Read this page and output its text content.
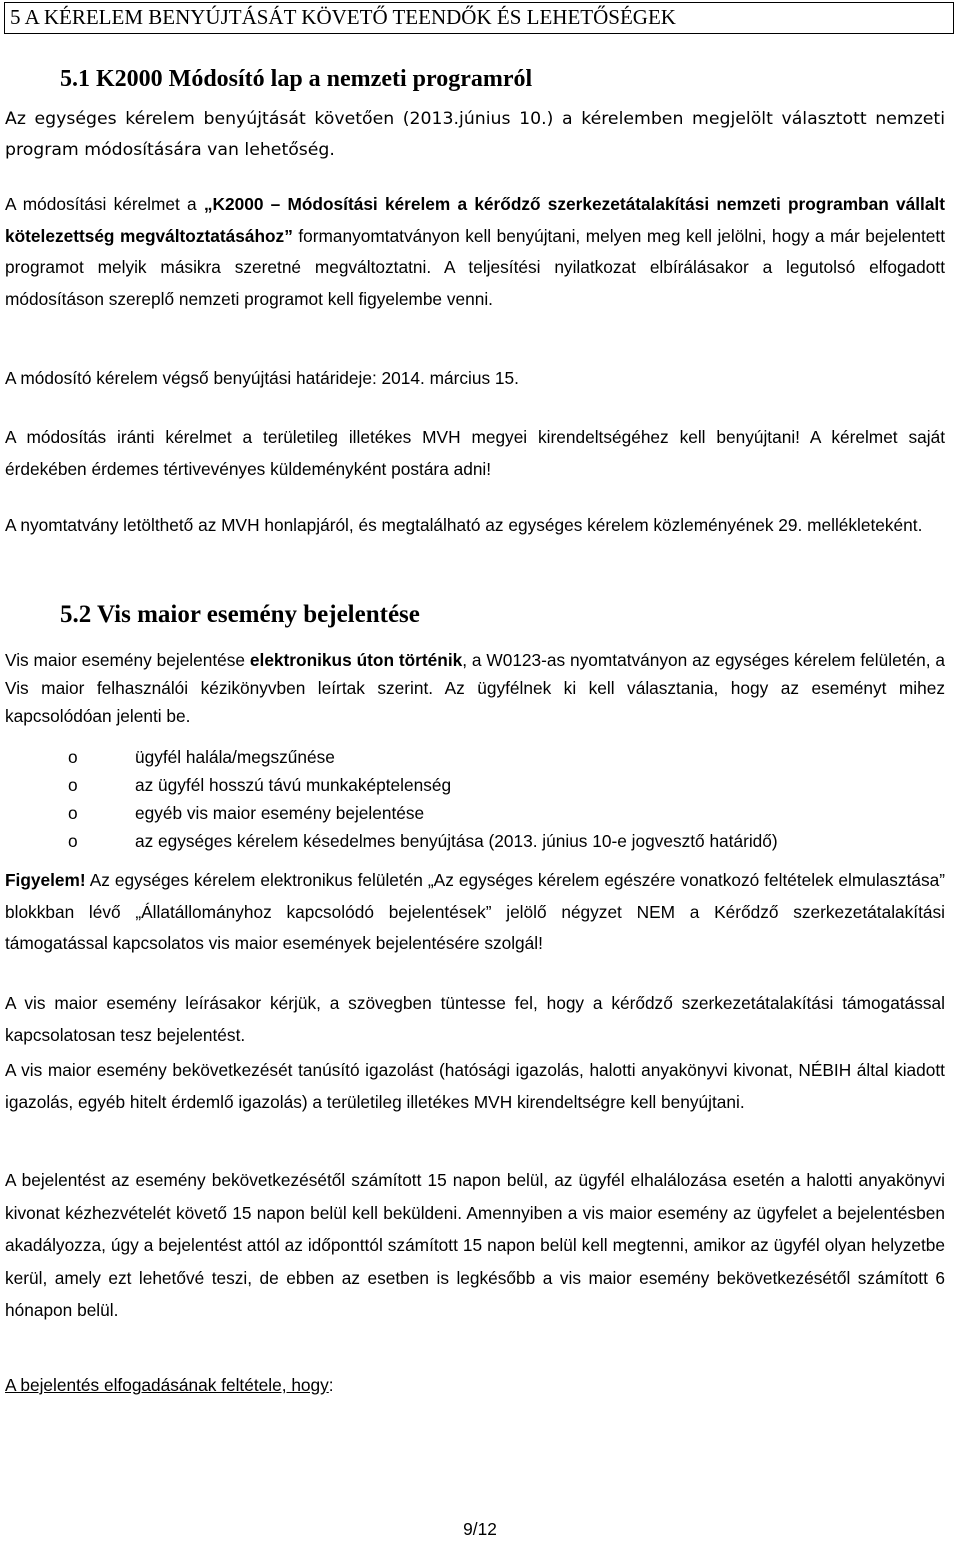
5 A KÉRELEM BENYÚJTÁSÁT KÖVETŐ TEENDŐK ÉS LEHETŐSÉGEK
5.1 K2000 Módosító lap a nemzeti programról
Az egységes kérelem benyújtását követően (2013.június 10.) a kérelemben megjelölt választott nemzeti program módosítására van lehetőség.
A módosítási kérelmet a „K2000 – Módosítási kérelem a kérődző szerkezetátalakítási nemzeti programban vállalt kötelezettség megváltoztatásához” formanyomtatványon kell benyújtani, melyen meg kell jelölni, hogy a már bejelentett programot melyik másikra szeretné megváltoztatni. A teljesítési nyilatkozat elbírálásakor a legutolsó elfogadott módosításon szereplő nemzeti programot kell figyelembe venni.
A módosító kérelem végső benyújtási határideje: 2014. március 15.
A módosítás iránti kérelmet a területileg illetékes MVH megyei kirendeltségéhez kell benyújtani! A kérelmet saját érdekében érdemes tértivevényes küldeményként postára adni!
A nyomtatvány letölthető az MVH honlapjáról, és megtalálható az egységes kérelem közleményének 29. mellékleteként.
5.2 Vis maior esemény bejelentése
Vis maior esemény bejelentése elektronikus úton történik, a W0123-as nyomtatványon az egységes kérelem felületén, a Vis maior felhasználói kézikönyvben leírtak szerint. Az ügyfélnek ki kell választania, hogy az eseményt mihez kapcsolódóan jelenti be.
o	ügyfél halála/megszűnése
o	az ügyfél hosszú távú munkaképtelenség
o	egyéb vis maior esemény bejelentése
o	az egységes kérelem késedelmes benyújtása (2013. június 10-e jogvesztő határidő)
Figyelem! Az egységes kérelem elektronikus felületén „Az egységes kérelem egészére vonatkozó feltételek elmulasztása” blokkban lévő „Állatállományhoz kapcsolódó bejelentések” jelölő négyzet NEM a Kérődző szerkezetátalakítási támogatással kapcsolatos vis maior események bejelentésére szolgál!
A vis maior esemény leírásakor kérjük, a szövegben tüntesse fel, hogy a kérődző szerkezetátalakítási támogatással kapcsolatosan tesz bejelentést.
A vis maior esemény bekövetkezését tanúsító igazolást (hatósági igazolás, halotti anyakönyvi kivonat, NÉBIH által kiadott igazolás, egyéb hitelt érdemlő igazolás) a területileg illetékes MVH kirendeltségre kell benyújtani.
A bejelentést az esemény bekövetkezésétől számított 15 napon belül, az ügyfél elhalálozása esetén a halotti anyakönyvi kivonat kézhezvételét követő 15 napon belül kell beküldeni. Amennyiben a vis maior esemény az ügyfelet a bejelentésben akadályozza, úgy a bejelentést attól az időponttól számított 15 napon belül kell megtenni, amikor az ügyfél olyan helyzetbe kerül, amely ezt lehetővé teszi, de ebben az esetben is legkésőbb a vis maior esemény bekövetkezésétől számított 6 hónapon belül.
A bejelentés elfogadásának feltétele, hogy:
9/12
